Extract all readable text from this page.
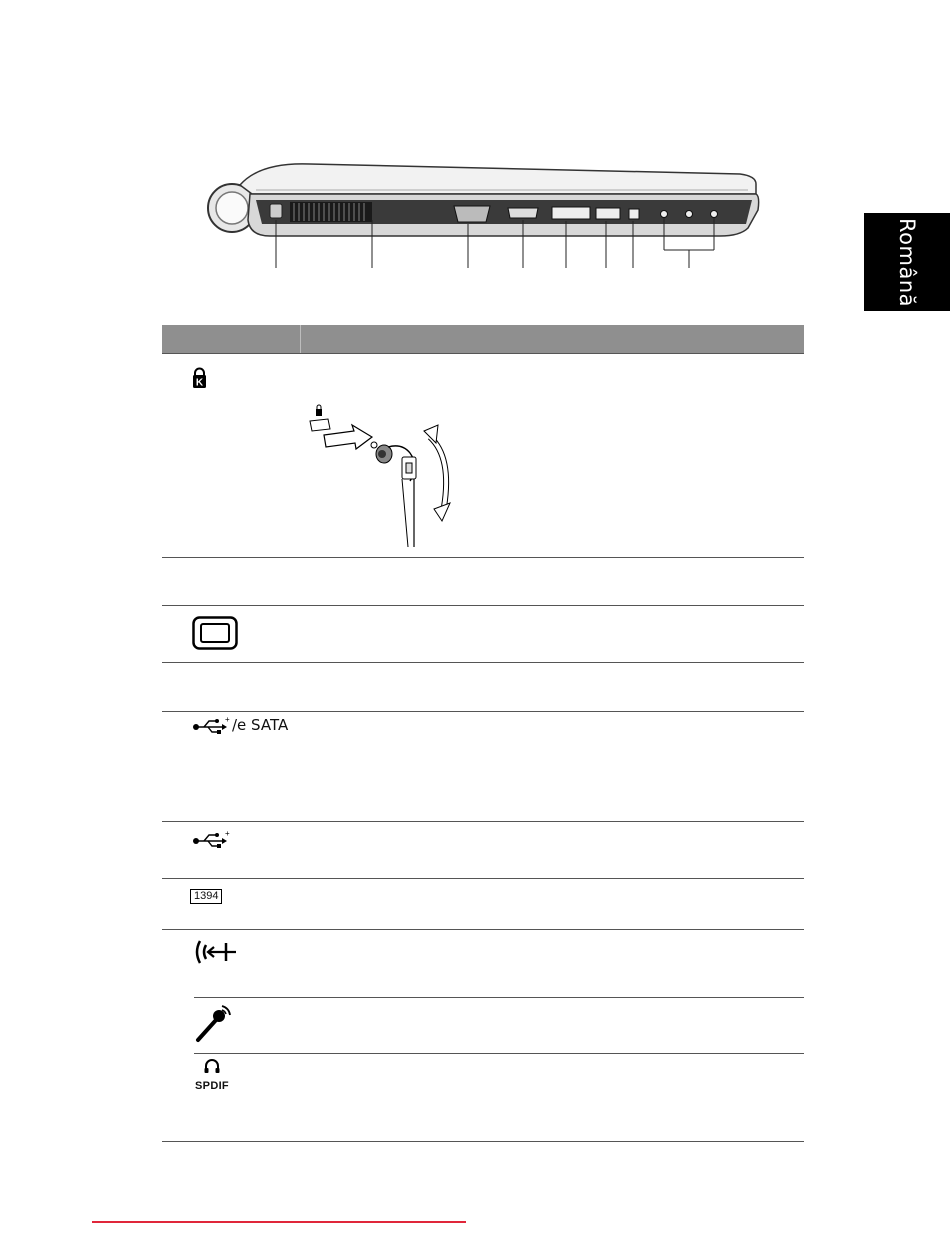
Română
K
+ /e SATA
+
1394
SPDIF
